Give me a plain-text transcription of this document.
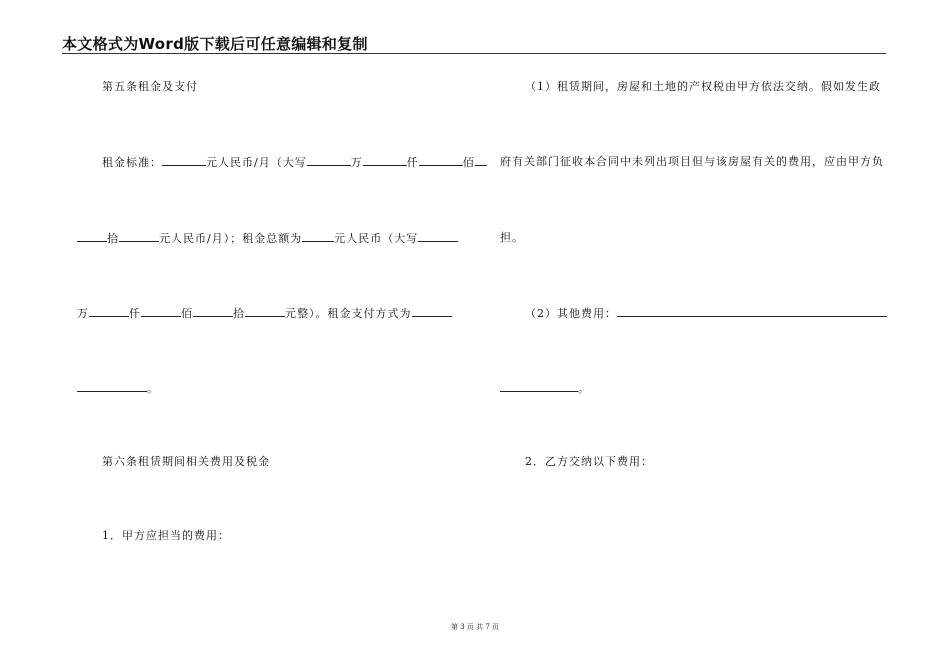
本文格式为Word版下载后可任意编辑和复制
第五条租金及支付
租金标准：	元人民币/月（大写	万	仟	佰
拾	元人民币/月）；租金总额为	元人民币（大写
万	仟	佰	拾	元整）。租金支付方式为
。
第六条租赁期间相关费用及税金
1．甲方应担当的费用：
（1）租赁期间，房屋和土地的产权税由甲方依法交纳。假如发生政
府有关部门征收本合同中未列出项目但与该房屋有关的费用，应由甲方负
担。
（2）其他费用：
。
2．乙方交纳以下费用：
第 3 页 共 7 页
